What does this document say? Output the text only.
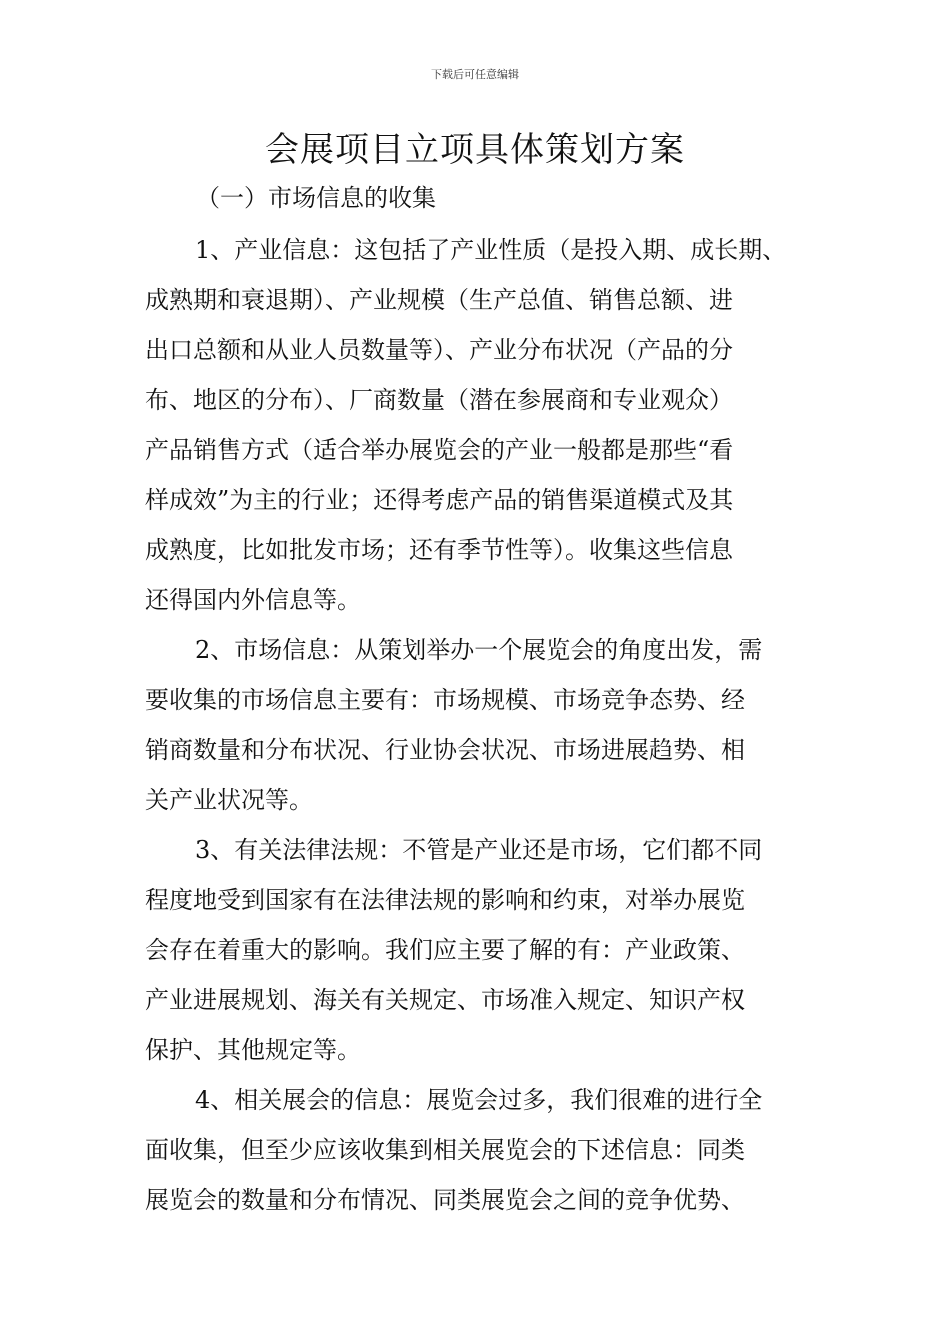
下载后可任意编辑
会展项目立项具体策划方案
（一）市场信息的收集
1、产业信息：这包括了产业性质（是投入期、成长期、
成熟期和衰退期）、产业规模（生产总值、销售总额、进
出口总额和从业人员数量等）、产业分布状况（产品的分
布、地区的分布）、厂商数量（潜在参展商和专业观众）
产品销售方式（适合举办展览会的产业一般都是那些“看
样成效”为主的行业；还得考虑产品的销售渠道模式及其
成熟度，比如批发市场；还有季节性等）。收集这些信息
还得国内外信息等。
2、市场信息：从策划举办一个展览会的角度出发，需
要收集的市场信息主要有：市场规模、市场竞争态势、经
销商数量和分布状况、行业协会状况、市场进展趋势、相
关产业状况等。
3、有关法律法规：不管是产业还是市场，它们都不同
程度地受到国家有在法律法规的影响和约束，对举办展览
会存在着重大的影响。我们应主要了解的有：产业政策、
产业进展规划、海关有关规定、市场准入规定、知识产权
保护、其他规定等。
4、相关展会的信息：展览会过多，我们很难的进行全
面收集，但至少应该收集到相关展览会的下述信息：同类
展览会的数量和分布情况、同类展览会之间的竞争优势、
